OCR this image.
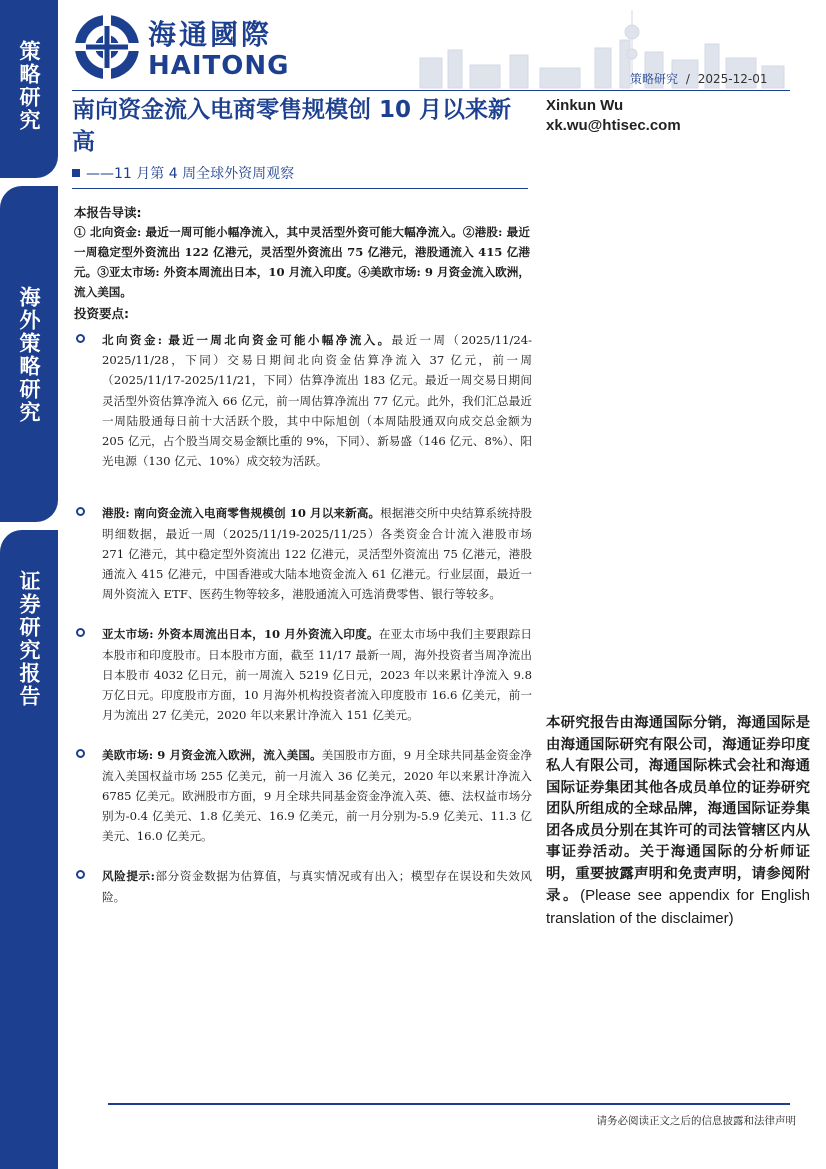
策略研究
海外策略研究
证券研究报告
海通國際
HAITONG	策略研究 / 2025-12-01
南向资金流入电商零售规模创 10 月以来新高
——11 月第 4 周全球外资周观察
Xinkun Wu
xk.wu@htisec.com
本报告导读:
① 北向资金: 最近一周可能小幅净流入，其中灵活型外资可能大幅净流入。②港股: 最近一周稳定型外资流出 122 亿港元，灵活型外资流出 75 亿港元，港股通流入 415 亿港元。③亚太市场: 外资本周流出日本，10 月流入印度。④美欧市场: 9 月资金流入欧洲，流入美国。
投资要点:
北向资金: 最近一周北向资金可能小幅净流入。最近一周（2025/11/24-2025/11/28，下同）交易日期间北向资金估算净流入 37 亿元，前一周（2025/11/17-2025/11/21，下同）估算净流出 183 亿元。最近一周交易日期间灵活型外资估算净流入 66 亿元，前一周估算净流出 77 亿元。此外，我们汇总最近一周陆股通每日前十大活跃个股，其中中际旭创（本周陆股通双向成交总金额为 205 亿元，占个股当周交易金额比重的 9%，下同）、新易盛（146 亿元、8%）、阳光电源（130 亿元、10%）成交较为活跃。
港股: 南向资金流入电商零售规模创 10 月以来新高。根据港交所中央结算系统持股明细数据，最近一周（2025/11/19-2025/11/25）各类资金合计流入港股市场 271 亿港元，其中稳定型外资流出 122 亿港元，灵活型外资流出 75 亿港元，港股通流入 415 亿港元，中国香港或大陆本地资金流入 61 亿港元。行业层面，最近一周外资流入 ETF、医药生物等较多，港股通流入可选消费零售、银行等较多。
亚太市场: 外资本周流出日本，10 月外资流入印度。在亚太市场中我们主要跟踪日本股市和印度股市。日本股市方面，截至 11/17 最新一周，海外投资者当周净流出日本股市 4032 亿日元，前一周流入 5219 亿日元，2023 年以来累计净流入 9.8 万亿日元。印度股市方面，10 月海外机构投资者流入印度股市 16.6 亿美元，前一月为流出 27 亿美元，2020 年以来累计净流入 151 亿美元。
美欧市场: 9 月资金流入欧洲，流入美国。美国股市方面，9 月全球共同基金资金净流入美国权益市场 255 亿美元，前一月流入 36 亿美元，2020 年以来累计净流入 6785 亿美元。欧洲股市方面，9 月全球共同基金资金净流入英、德、法权益市场分别为-0.4 亿美元、1.8 亿美元、16.9 亿美元，前一月分别为-5.9 亿美元、11.3 亿美元、16.0 亿美元。
风险提示:部分资金数据为估算值，与真实情况或有出入；模型存在误设和失效风险。
本研究报告由海通国际分销，海通国际是由海通国际研究有限公司，海通证券印度私人有限公司，海通国际株式会社和海通国际证券集团其他各成员单位的证券研究团队所组成的全球品牌，海通国际证券集团各成员分别在其许可的司法管辖区内从事证券活动。关于海通国际的分析师证明，重要披露声明和免责声明，请参阅附录。(Please see appendix for English translation of the disclaimer)
请务必阅读正文之后的信息披露和法律声明
